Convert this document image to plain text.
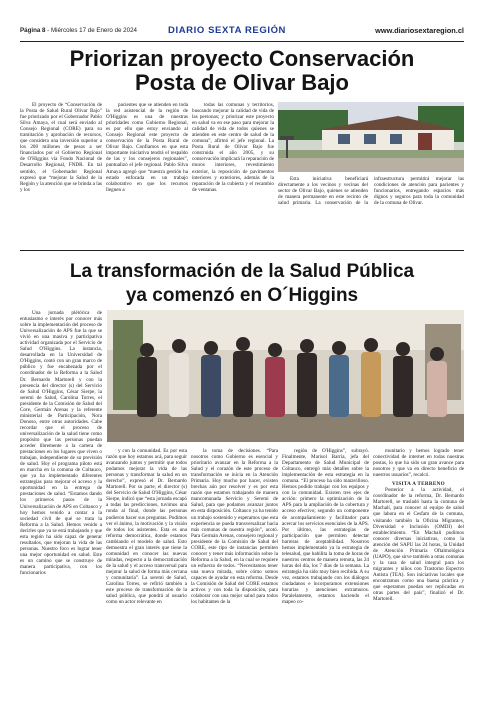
Página 8 - Miércoles 17 de Enero de 2024	DIARIO SEXTA REGIÓN	www.diariosextaregion.cl
Priorizan proyecto Conservación
Posta de Olivar Bajo

El proyecto de “Conservación de la Posta de Salud Rural Olivar Bajo” fue priorizado por el Gobernador Pablo Silva Amaya, el cual será enviado al Consejo Regional (CORE) para su tramitación y aprobación de recursos, que considera una inversión superior a los 200 millones de pesos a ser financiados por el Gobierno Regional de O'Higgins vía Fondo Nacional de Desarrollo Regional, FNDR. En tal sentido, el Gobernador Regional expresó que “mejorar la Salud de la Región y la atención que se brinda a las y los

pacientes que se atienden en toda la red asistencial de la región de O'Higgins es una de nuestras prioridades como Gobierno Regional, es por ello que estoy enviando al Consejo Regional este proyecto de conservación de la Posta Rural de Olivar Bajo. Confiamos en que esta importante iniciativa tendrá el respaldo de las y los consejeros regionales”, puntualizó el jefe regional. Pablo Silva Amaya agregó que “nuestra gestión ha estado enfocada en un trabajo colaborativo en que los recursos lleguen a

todas las comunas y territorios, buscando mejorar la calidad de vida de las personas; y priorizar este proyecto en salud va en ese paso para mejorar la calidad de vida de todos quienes se atienden en este centro de salud de la comuna”, afirmó el jefe regional. La Posta Rural de Olivar Bajo fue construida el año 2005, y su conservación implicará la reparación de muros interiores, revestimiento exterior, la reposición de pavimentos interiores y exteriores, además de la reparación de la cubierta y el recambio de ventanas.

Esta iniciativa beneficiará directamente a los vecinos y vecinas del sector de Olivar Bajo, quienes se atienden de manera permanente en este recinto de salud primaria. La conservación de la infraestructura permitirá mejorar las condiciones de atención para pacientes y funcionarios, entregando espacios más dignos y seguros para toda la comunidad de la comuna de Olivar.

La transformación de la Salud Pública
ya comenzó en O´Higgins

Una jornada plétórica de entusiasmo e interés por conocer más sobre la implementación del proceso de Universalización de APS fue la que se vivió en una masiva y participativa actividad organizada por el Servicio de Salud O'Higgins. La instancia, desarrollada en la Universidad de O'Higgins, contó con un gran marco de público y fue encabezada por el coordinador de la Reforma a la Salud Dr. Bernardo Martorell y con la presencia del director (s) del Servicio de Salud O'Higgins, César Sierpe, la seremi de Salud, Carolina Torres, el presidente de la Comisión de Salud del Core, Germán Arenas y la referente ministerial de Participación, Nora Donoso, entre otras autoridades. Cabe recordar que el proceso de universalización de la salud tiene como propósito que las personas puedan acceder libremente a la cartera de prestaciones en los lugares que viven o trabajan, independiente de su previsión de salud. Hoy el programa piloto está en marcha en la comuna de Coltauco, que ya ha implementado diferentes estrategias para mejorar el acceso y la oportunidad en la entrega de prestaciones de salud. “Estamos dando los primeros pasos de la Universalización de APS en Coltauco y hoy hemos venido a contar a la sociedad civil de qué se trata la Reforma a la Salud. Hemos venido a decirles que ya se está trabajando y que esta región ha sido capaz de generar resultados, que mejoran la vida de las personas. Nuestro foco es lograr tener una mejor oportunidad en salud. Este es un camino que se construye de manera participativa, con los funcionarios

y con la comunidad. Es por esta razón que hoy estamos acá, para seguir avanzando juntos y permitir que todos podamos mejorar la vida de las personas y transformar la salud en un derecho”, expresó el Dr. Bernardo Martorell. Por su parte, el director (s) del Servicio de Salud O'Higgins, César Sierpe, indicó que “esta jornada escapó a todas las predicciones, tuvimos una ronda al final, donde las personas pudieron hacer sus preguntas. Pudimos ver el ánimo, la motivación y la visión de todos los asistentes. Esta es una reforma democrática, donde estamos cambiando el modelo de salud. Esto demuestra el gran interés que tiene la comunidad en conocer las nuevas miradas, respecto a la democratización de la salud y el acceso transversal para mejorar la salud de forma más cercana y comunitaria”. La seremi de Salud, Carolina Torres, se refirió también a este proceso de transformación de la salud pública, que pondrá al usuario como un actor relevante en

la toma de decisiones. “Para nosotros como Gobierno es esencial y prioritario avanzar en la Reforma a la Salud y el corazón de este proceso de transformación se inicia en la Atención Primaria. Hoy mucho por hacer, existen brechas aún por resolver y es por esta razón que estamos trabajando de manera mancomunada Servicio y Seremi de Salud, para que podamos avanzar juntos en esta disposición. Coltauco ya ha tenido un trabajo sostenido y esperamos que esta experiencia se pueda transversalizar hacia más comunas de nuestra región”, acotó. Para Germán Arenas, consejero regional y presidente de la Comisión de Salud del CORE, este tipo de instancias permiten conocer y tener más información sobre la Reforma a la Salud, en la cual se requiere un esfuerzo de todos. “Necesitamos tener una nueva mirada, sobre cómo somos capaces de ayudar en esta reforma. Desde la Comisión de Salud del CORE estamos activos y con toda la disposición, para colaborar con una mejor salud para todos los habitantes de la

región de O'Higgins”, subrayó. Finalmente, Marisol Barría, jefa del Departamento de Salud Municipal de Coltauco, entregó más detalles sobre la implementación de esta estrategia en la comuna. “El proceso ha sido maravilloso. Hemos podido trabajar con los equipos y con la comunidad. Existen tres ejes de acción: primero la optimización de la APS para la ampliación de la cobertura y acceso efectivo; segundo un componente de acompañamiento y facilitador para acercar los servicios esenciales de la APS. Por último, las estrategias de participación que permiten detectar barreras de aceptabilidad. Nosotros hemos implementado ya la estrategia de telesalud, que habilita la toma de horas de nuestros centros de manera remota, las 24 horas del día, los 7 días de la semana. La estrategia ha sido muy bien recibida. A su vez, estamos trabajando con los diálogos ciudadanos e incorporamos extensiones horarias y atenciones extramuros. Paralelamente, estamos haciendo el mapeo co-

munitario y hemos logrado tener conectividad de internet en todas nuestras postas, lo que ha sido un gran avance para nosotros y que va en directo beneficio de nuestros usuarios”, recalcó.

VISITA A TERRENO

Posterior a la actividad, el coordinador de la reforma, Dr. Bernardo Martorell, se trasladó hasta la comuna de Machalí, para conocer al equipo de salud que labora en el Cesfam de la comuna, visitando también la Oficina Migrantes, Diversidad e Inclusión (OMDI) del establecimiento. “En Machalí pudimos conocer diversas iniciativas, como la atención del SAPU las 24 horas, la Unidad de Atención Primaria Oftalmológica (UAPO), que sirve también a otras comunas y la casa de salud integral para los migrantes y niños con Trastorno Espectro Autista (TEA). Son iniciativas locales que encontramos como una buena práctica y que esperamos puedan ser replicadas en otras partes del país”, finalizó el Dr. Martorell.
